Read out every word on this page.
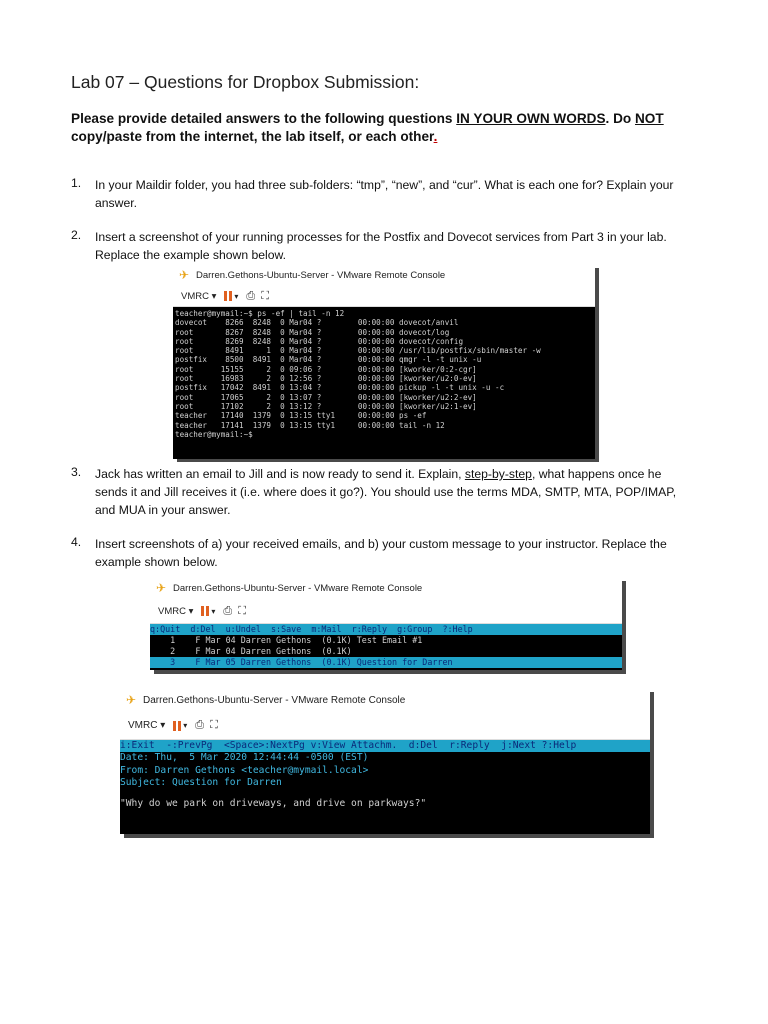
Lab 07 – Questions for Dropbox Submission:
Please provide detailed answers to the following questions IN YOUR OWN WORDS. Do NOT copy/paste from the internet, the lab itself, or each other.
1. In your Maildir folder, you had three sub-folders: “tmp”, “new”, and “cur”. What is each one for? Explain your answer.
2. Insert a screenshot of your running processes for the Postfix and Dovecot services from Part 3 in your lab. Replace the example shown below.
✈ Darren.Gethons-Ubuntu-Server - VMware Remote Console
VMRC ▾ ▾ ⎙ ⛶
teacher@mymail:~$ ps -ef | tail -n 12
dovecot    8266  8248  0 Mar04 ?        00:00:00 dovecot/anvil
root       8267  8248  0 Mar04 ?        00:00:00 dovecot/log
root       8269  8248  0 Mar04 ?        00:00:00 dovecot/config
root       8491     1  0 Mar04 ?        00:00:00 /usr/lib/postfix/sbin/master -w
postfix    8500  8491  0 Mar04 ?        00:00:00 qmgr -l -t unix -u
root      15155     2  0 09:06 ?        00:00:00 [kworker/0:2-cgr]
root      16983     2  0 12:56 ?        00:00:00 [kworker/u2:0-ev]
postfix   17042  8491  0 13:04 ?        00:00:00 pickup -l -t unix -u -c
root      17065     2  0 13:07 ?        00:00:00 [kworker/u2:2-ev]
root      17102     2  0 13:12 ?        00:00:00 [kworker/u2:1-ev]
teacher   17140  1379  0 13:15 tty1     00:00:00 ps -ef
teacher   17141  1379  0 13:15 tty1     00:00:00 tail -n 12
teacher@mymail:~$
3. Jack has written an email to Jill and is now ready to send it. Explain, step-by-step, what happens once he sends it and Jill receives it (i.e. where does it go?). You should use the terms MDA, SMTP, MTA, POP/IMAP, and MUA in your answer.
4. Insert screenshots of a) your received emails, and b) your custom message to your instructor. Replace the example shown below.
✈ Darren.Gethons-Ubuntu-Server - VMware Remote Console
VMRC ▾ ▾ ⎙ ⛶
q:Quit  d:Del  u:Undel  s:Save  m:Mail  r:Reply  g:Group  ?:Help
1    F Mar 04 Darren Gethons  (0.1K) Test Email #1
2    F Mar 04 Darren Gethons  (0.1K)
3    F Mar 05 Darren Gethons  (0.1K) Question for Darren
✈ Darren.Gethons-Ubuntu-Server - VMware Remote Console
VMRC ▾ ▾ ⎙ ⛶
i:Exit  -:PrevPg  <Space>:NextPg v:View Attachm.  d:Del  r:Reply  j:Next ?:Help
Date: Thu,  5 Mar 2020 12:44:44 -0500 (EST)
From: Darren Gethons <teacher@mymail.local>
Subject: Question for Darren
"Why do we park on driveways, and drive on parkways?"
